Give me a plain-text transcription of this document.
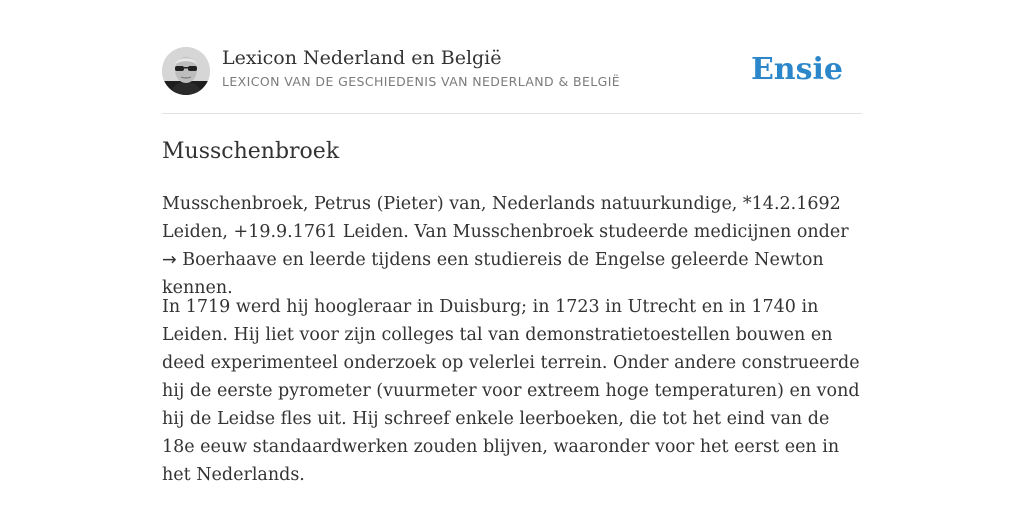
Lexicon Nederland en België
LEXICON VAN DE GESCHIEDENIS VAN NEDERLAND & BELGIË	Ensie
Musschenbroek

Musschenbroek, Petrus (Pieter) van, Nederlands natuurkundige, *14.2.1692 Leiden, +19.9.1761 Leiden. Van Musschenbroek studeerde medicijnen onder → Boerhaave en leerde tijdens een studiereis de Engelse geleerde Newton kennen.

In 1719 werd hij hoogleraar in Duisburg; in 1723 in Utrecht en in 1740 in Leiden. Hij liet voor zijn colleges tal van demonstratietoestellen bouwen en deed experimenteel onderzoek op velerlei terrein. Onder andere construeerde hij de eerste pyrometer (vuurmeter voor extreem hoge temperaturen) en vond hij de Leidse fles uit. Hij schreef enkele leerboeken, die tot het eind van de 18e eeuw standaardwerken zouden blijven, waaronder voor het eerst een in het Nederlands.
